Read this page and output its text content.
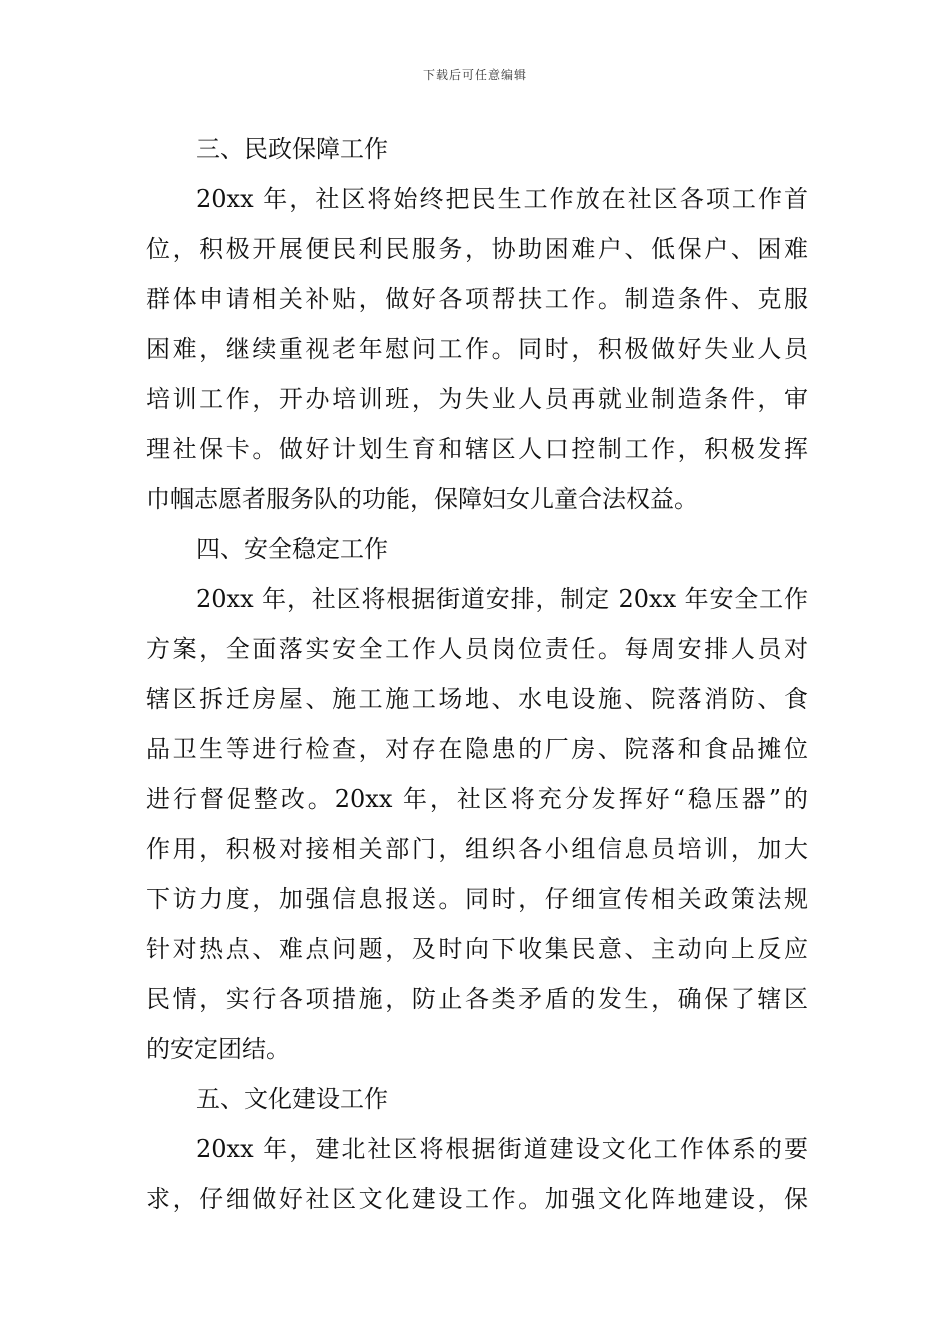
下载后可任意编辑

三、民政保障工作

20xx 年，社区将始终把民生工作放在社区各项工作首
位，积极开展便民利民服务，协助困难户、低保户、困难
群体申请相关补贴，做好各项帮扶工作。制造条件、克服
困难，继续重视老年慰问工作。同时，积极做好失业人员
培训工作，开办培训班，为失业人员再就业制造条件，审
理社保卡。做好计划生育和辖区人口控制工作，积极发挥
巾帼志愿者服务队的功能，保障妇女儿童合法权益。

四、安全稳定工作

20xx 年，社区将根据街道安排，制定 20xx 年安全工作
方案，全面落实安全工作人员岗位责任。每周安排人员对
辖区拆迁房屋、施工施工场地、水电设施、院落消防、食
品卫生等进行检查，对存在隐患的厂房、院落和食品摊位
进行督促整改。20xx 年，社区将充分发挥好“稳压器”的
作用，积极对接相关部门，组织各小组信息员培训，加大
下访力度，加强信息报送。同时，仔细宣传相关政策法规
针对热点、难点问题，及时向下收集民意、主动向上反应
民情，实行各项措施，防止各类矛盾的发生，确保了辖区
的安定团结。

五、文化建设工作

20xx 年，建北社区将根据街道建设文化工作体系的要
求，仔细做好社区文化建设工作。加强文化阵地建设，保
